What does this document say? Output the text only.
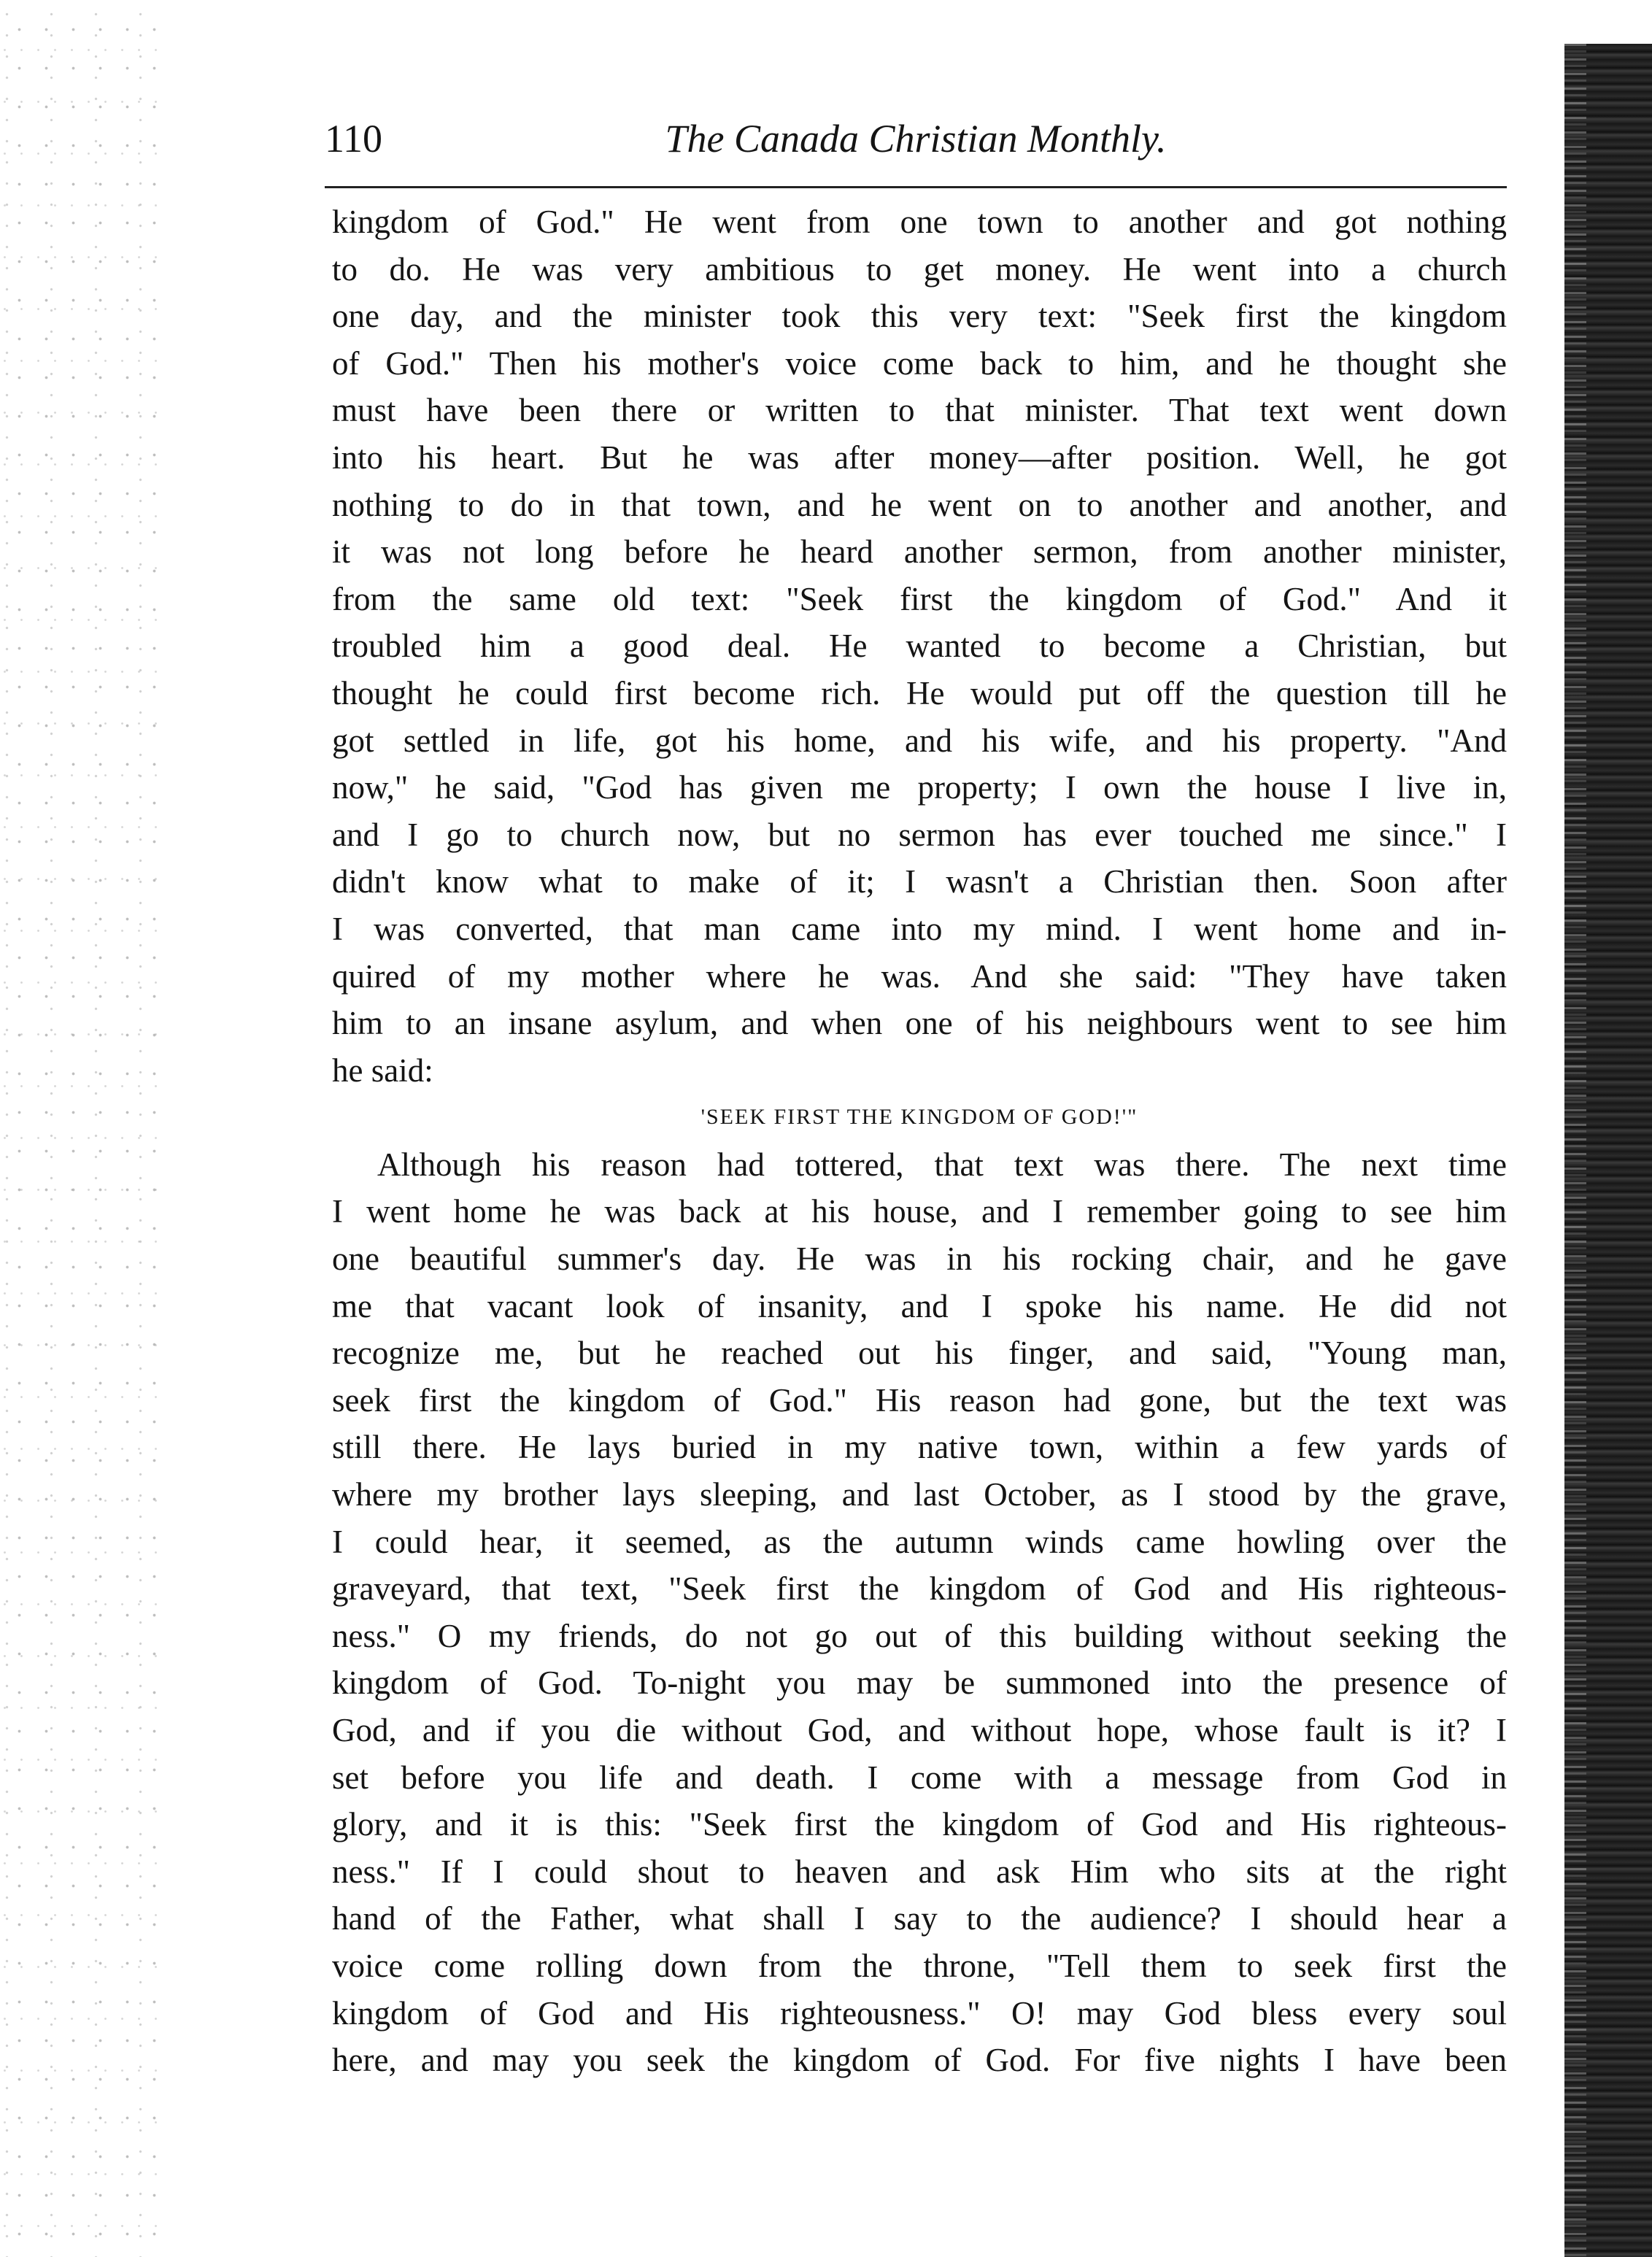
110	The Canada Christian Monthly.
kingdom of God." He went from one town to another and got nothing
to do. He was very ambitious to get money. He went into a church
one day, and the minister took this very text: "Seek first the kingdom
of God." Then his mother's voice come back to him, and he thought she
must have been there or written to that minister. That text went down
into his heart. But he was after money—after position. Well, he got
nothing to do in that town, and he went on to another and another, and
it was not long before he heard another sermon, from another minister,
from the same old text: "Seek first the kingdom of God." And it
troubled him a good deal. He wanted to become a Christian, but
thought he could first become rich. He would put off the question till he
got settled in life, got his home, and his wife, and his property. "And
now," he said, "God has given me property; I own the house I live in,
and I go to church now, but no sermon has ever touched me since." I
didn't know what to make of it; I wasn't a Christian then. Soon after
I was converted, that man came into my mind. I went home and in-
quired of my mother where he was. And she said: "They have taken
him to an insane asylum, and when one of his neighbours went to see him
he said:
'SEEK FIRST THE KINGDOM OF GOD!'"
Although his reason had tottered, that text was there. The next time
I went home he was back at his house, and I remember going to see him
one beautiful summer's day. He was in his rocking chair, and he gave
me that vacant look of insanity, and I spoke his name. He did not
recognize me, but he reached out his finger, and said, "Young man,
seek first the kingdom of God." His reason had gone, but the text was
still there. He lays buried in my native town, within a few yards of
where my brother lays sleeping, and last October, as I stood by the grave,
I could hear, it seemed, as the autumn winds came howling over the
graveyard, that text, "Seek first the kingdom of God and His righteous-
ness." O my friends, do not go out of this building without seeking the
kingdom of God. To-night you may be summoned into the presence of
God, and if you die without God, and without hope, whose fault is it? I
set before you life and death. I come with a message from God in
glory, and it is this: "Seek first the kingdom of God and His righteous-
ness." If I could shout to heaven and ask Him who sits at the right
hand of the Father, what shall I say to the audience? I should hear a
voice come rolling down from the throne, "Tell them to seek first the
kingdom of God and His righteousness." O! may God bless every soul
here, and may you seek the kingdom of God. For five nights I have been
